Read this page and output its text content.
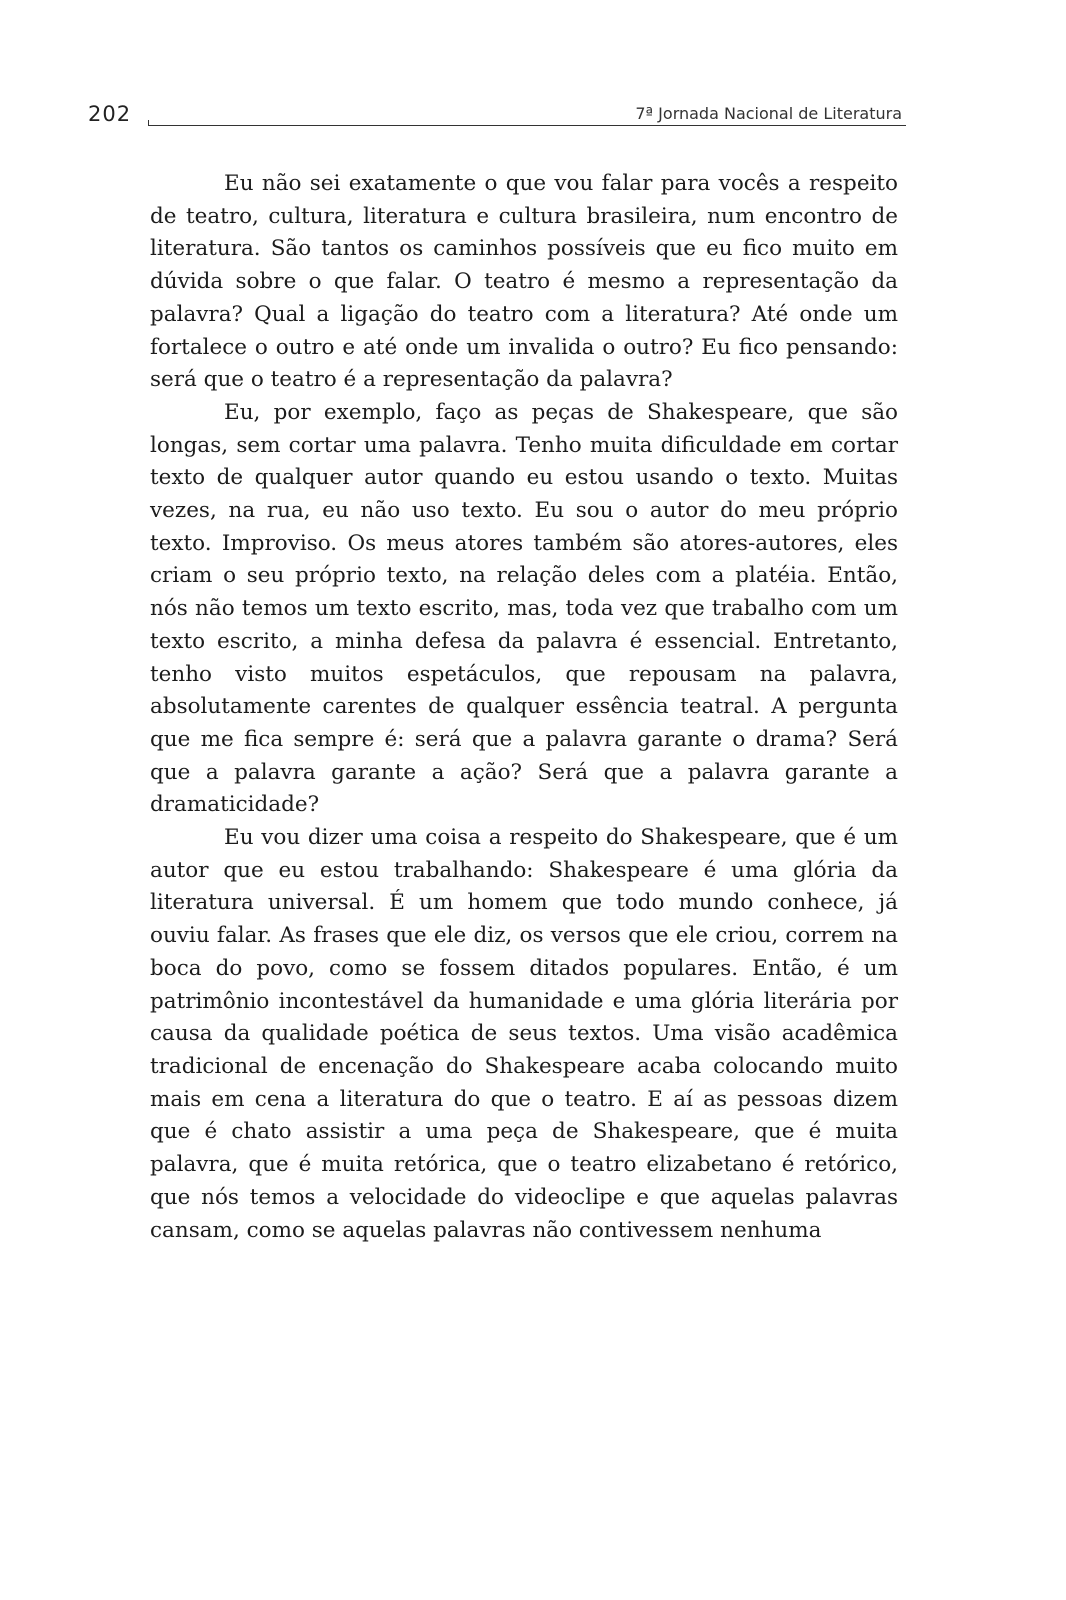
202	7ª Jornada Nacional de Literatura

Eu não sei exatamente o que vou falar para vocês a respeito de teatro, cultura, literatura e cultura brasileira, num encontro de literatura. São tantos os caminhos possíveis que eu fico muito em dúvida sobre o que falar. O teatro é mesmo a representação da palavra? Qual a ligação do teatro com a literatura? Até onde um fortalece o outro e até onde um invalida o outro? Eu fico pensando: será que o teatro é a representação da palavra?

Eu, por exemplo, faço as peças de Shakespeare, que são longas, sem cortar uma palavra. Tenho muita dificuldade em cortar texto de qualquer autor quando eu estou usando o texto. Muitas vezes, na rua, eu não uso texto. Eu sou o autor do meu próprio texto. Improviso. Os meus atores também são atores-autores, eles criam o seu próprio texto, na relação deles com a platéia. Então, nós não temos um texto escrito, mas, toda vez que trabalho com um texto escrito, a minha defesa da palavra é essencial. Entretanto, tenho visto muitos espetáculos, que repousam na palavra, absolutamente carentes de qualquer essência teatral. A pergunta que me fica sempre é: será que a palavra garante o drama? Será que a palavra garante a ação? Será que a palavra garante a dramaticidade?

Eu vou dizer uma coisa a respeito do Shakespeare, que é um autor que eu estou trabalhando: Shakespeare é uma glória da literatura universal. É um homem que todo mundo conhece, já ouviu falar. As frases que ele diz, os versos que ele criou, correm na boca do povo, como se fossem ditados populares. Então, é um patrimônio incontestável da humanidade e uma glória literária por causa da qualidade poética de seus textos. Uma visão acadêmica tradicional de encenação do Shakespeare acaba colocando muito mais em cena a literatura do que o teatro. E aí as pessoas dizem que é chato assistir a uma peça de Shakespeare, que é muita palavra, que é muita retórica, que o teatro elizabetano é retórico, que nós temos a velocidade do videoclipe e que aquelas palavras cansam, como se aquelas palavras não contivessem nenhuma
